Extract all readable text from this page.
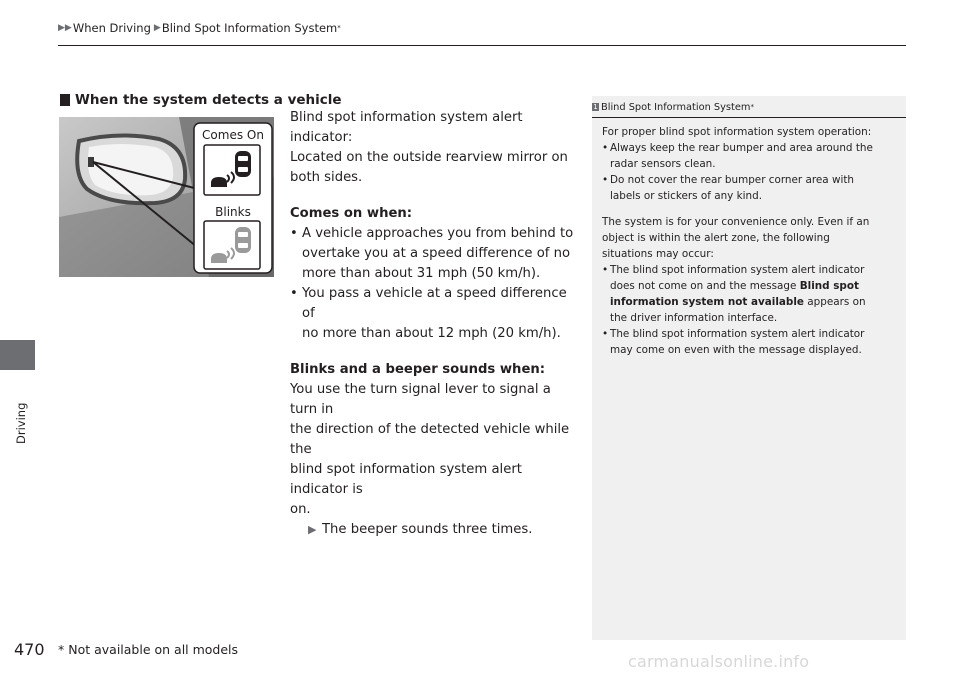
▶▶ When Driving ▶ Blind Spot Information System *
Driving
When the system detects a vehicle
Comes On
Blinks

Blind spot information system alert indicator:

Located on the outside rearview mirror on

both sides.

Comes on when:

• A vehicle approaches you from behind to

overtake you at a speed difference of no

more than about 31 mph (50 km/h).

• You pass a vehicle at a speed difference of

no more than about 12 mph (20 km/h).

Blinks and a beeper sounds when:

You use the turn signal lever to signal a turn in

the direction of the detected vehicle while the

blind spot information system alert indicator is

on.

▶ The beeper sounds three times.
1 Blind Spot Information System *

For proper blind spot information system operation:

• Always keep the rear bumper and area around the

radar sensors clean.

• Do not cover the rear bumper corner area with

labels or stickers of any kind.

The system is for your convenience only. Even if an

object is within the alert zone, the following

situations may occur:

• The blind spot information system alert indicator

does not come on and the message Blind spot

information system not available appears on

the driver information interface.

• The blind spot information system alert indicator

may come on even with the message displayed.

470 * Not available on all models
carmanualsonline.info
